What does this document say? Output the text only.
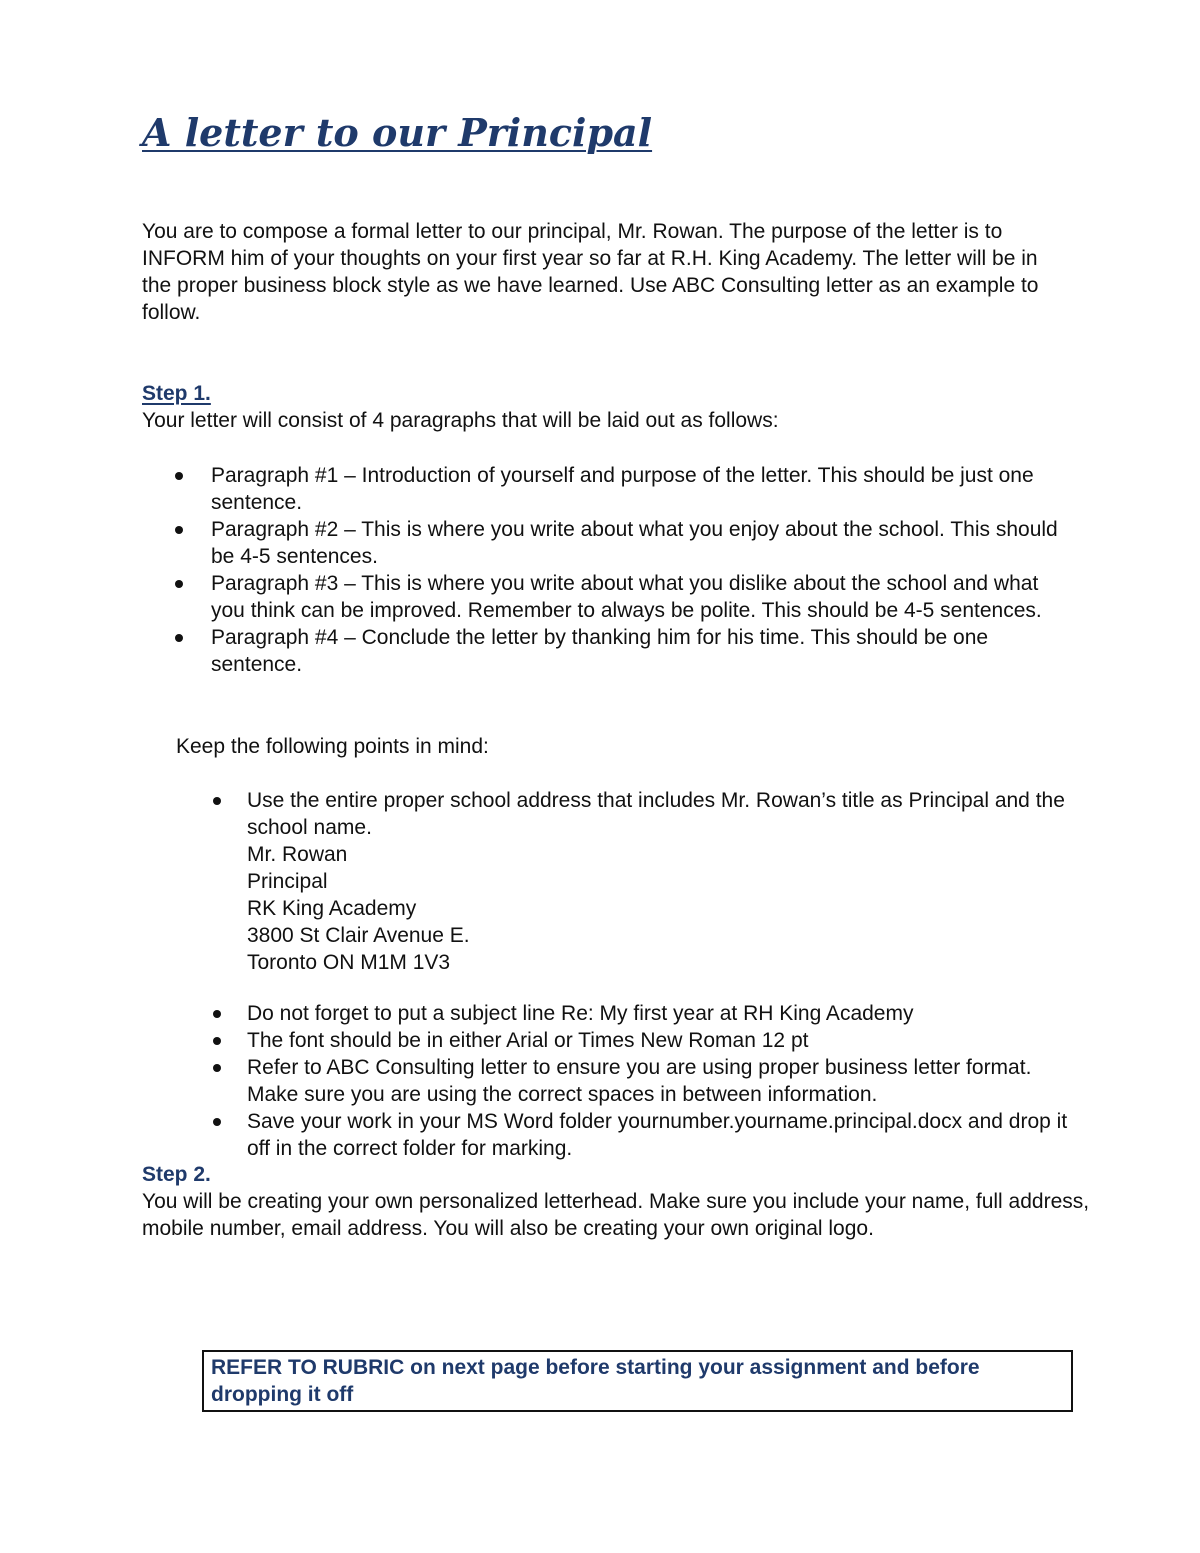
A letter to our Principal

You are to compose a formal letter to our principal, Mr. Rowan. The purpose of the letter is to INFORM him of your thoughts on your first year so far at R.H. King Academy. The letter will be in the proper business block style as we have learned. Use ABC Consulting letter as an example to follow.

Step 1.

Your letter will consist of 4 paragraphs that will be laid out as follows:

Paragraph #1 – Introduction of yourself and purpose of the letter. This should be just one sentence.
Paragraph #2 – This is where you write about what you enjoy about the school. This should be 4-5 sentences.
Paragraph #3 – This is where you write about what you dislike about the school and what you think can be improved. Remember to always be polite. This should be 4-5 sentences.
Paragraph #4 – Conclude the letter by thanking him for his time. This should be one sentence.

Keep the following points in mind:

Use the entire proper school address that includes Mr. Rowan’s title as Principal and the school name.
Mr. Rowan
Principal
RK King Academy
3800 St Clair Avenue E.
Toronto ON M1M 1V3
Do not forget to put a subject line Re: My first year at RH King Academy
The font should be in either Arial or Times New Roman 12 pt
Refer to ABC Consulting letter to ensure you are using proper business letter format. Make sure you are using the correct spaces in between information.
Save your work in your MS Word folder yournumber.yourname.principal.docx and drop it off in the correct folder for marking.

Step 2.

You will be creating your own personalized letterhead. Make sure you include your name, full address, mobile number, email address. You will also be creating your own original logo.

REFER TO RUBRIC on next page before starting your assignment and before dropping it off
